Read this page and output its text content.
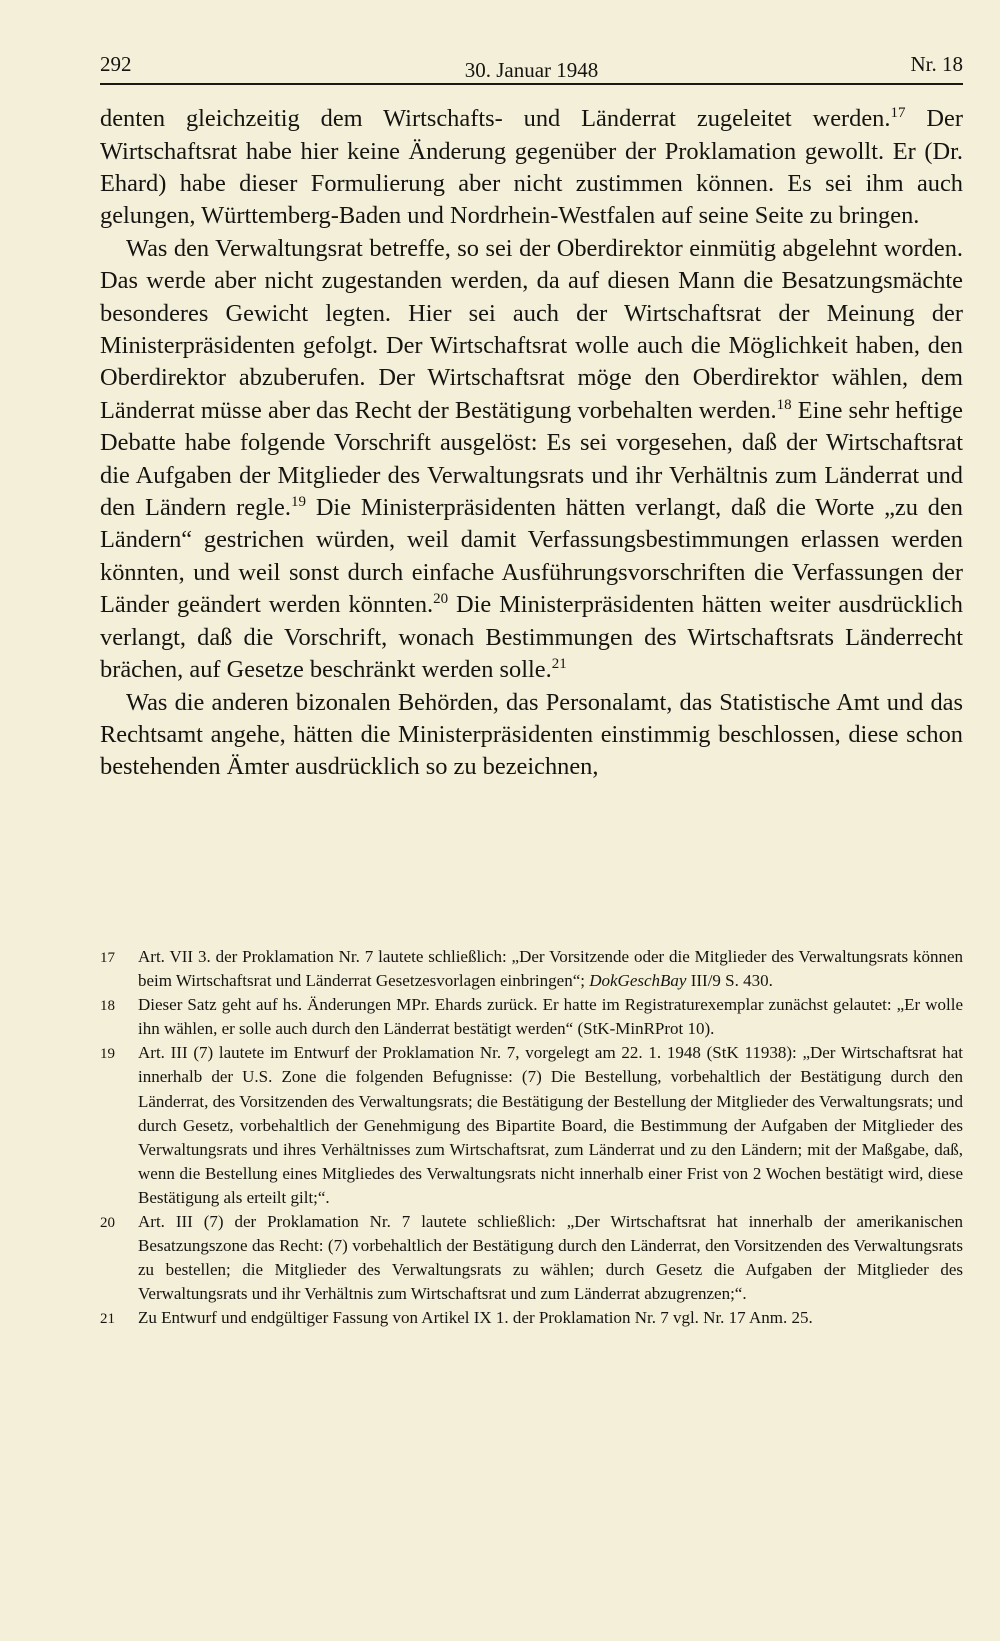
292	30. Januar 1948	Nr. 18

denten gleichzeitig dem Wirtschafts- und Länderrat zugeleitet werden.$^{17}$ Der Wirtschaftsrat habe hier keine Änderung gegenüber der Proklamation gewollt. Er (Dr. Ehard) habe dieser Formulierung aber nicht zustimmen können. Es sei ihm auch gelungen, Württemberg-Baden und Nordrhein-Westfalen auf seine Seite zu bringen.

Was den Verwaltungsrat betreffe, so sei der Oberdirektor einmütig abgelehnt worden. Das werde aber nicht zugestanden werden, da auf diesen Mann die Besatzungsmächte besonderes Gewicht legten. Hier sei auch der Wirtschaftsrat der Meinung der Ministerpräsidenten gefolgt. Der Wirtschaftsrat wolle auch die Möglichkeit haben, den Oberdirektor abzuberufen. Der Wirtschaftsrat möge den Oberdirektor wählen, dem Länderrat müsse aber das Recht der Bestätigung vorbehalten werden.$^{18}$ Eine sehr heftige Debatte habe folgende Vorschrift ausgelöst: Es sei vorgesehen, daß der Wirtschaftsrat die Aufgaben der Mitglieder des Verwaltungsrats und ihr Verhältnis zum Länderrat und den Ländern regle.$^{19}$ Die Ministerpräsidenten hätten verlangt, daß die Worte „zu den Ländern“ gestrichen würden, weil damit Verfassungsbestimmungen erlassen werden könnten, und weil sonst durch einfache Ausführungsvorschriften die Verfassungen der Länder geändert werden könnten.$^{20}$ Die Ministerpräsidenten hätten weiter ausdrücklich verlangt, daß die Vorschrift, wonach Bestimmungen des Wirtschaftsrats Länderrecht brächen, auf Gesetze beschränkt werden solle.$^{21}$

Was die anderen bizonalen Behörden, das Personalamt, das Statistische Amt und das Rechtsamt angehe, hätten die Ministerpräsidenten einstimmig beschlossen, diese schon bestehenden Ämter ausdrücklich so zu bezeichnen,

17	Art. VII 3. der Proklamation Nr. 7 lautete schließlich: „Der Vorsitzende oder die Mitglieder des Verwaltungsrats können beim Wirtschaftsrat und Länderrat Gesetzesvorlagen einbringen“; DokGeschBay III/9 S. 430.
18	Dieser Satz geht auf hs. Änderungen MPr. Ehards zurück. Er hatte im Registraturexemplar zunächst gelautet: „Er wolle ihn wählen, er solle auch durch den Länderrat bestätigt werden“ (StK-MinRProt 10).
19	Art. III (7) lautete im Entwurf der Proklamation Nr. 7, vorgelegt am 22. 1. 1948 (StK 11938): „Der Wirtschaftsrat hat innerhalb der U.S. Zone die folgenden Befugnisse: (7) Die Bestellung, vorbehaltlich der Bestätigung durch den Länderrat, des Vorsitzenden des Verwaltungsrats; die Bestätigung der Bestellung der Mitglieder des Verwaltungsrats; und durch Gesetz, vorbehaltlich der Genehmigung des Bipartite Board, die Bestimmung der Aufgaben der Mitglieder des Verwaltungsrats und ihres Verhältnisses zum Wirtschaftsrat, zum Länderrat und zu den Ländern; mit der Maßgabe, daß, wenn die Bestellung eines Mitgliedes des Verwaltungsrats nicht innerhalb einer Frist von 2 Wochen bestätigt wird, diese Bestätigung als erteilt gilt;“.
20	Art. III (7) der Proklamation Nr. 7 lautete schließlich: „Der Wirtschaftsrat hat innerhalb der amerikanischen Besatzungszone das Recht: (7) vorbehaltlich der Bestätigung durch den Länderrat, den Vorsitzenden des Verwaltungsrats zu bestellen; die Mitglieder des Verwaltungsrats zu wählen; durch Gesetz die Aufgaben der Mitglieder des Verwaltungsrats und ihr Verhältnis zum Wirtschaftsrat und zum Länderrat abzugrenzen;“.
21	Zu Entwurf und endgültiger Fassung von Artikel IX 1. der Proklamation Nr. 7 vgl. Nr. 17 Anm. 25.
